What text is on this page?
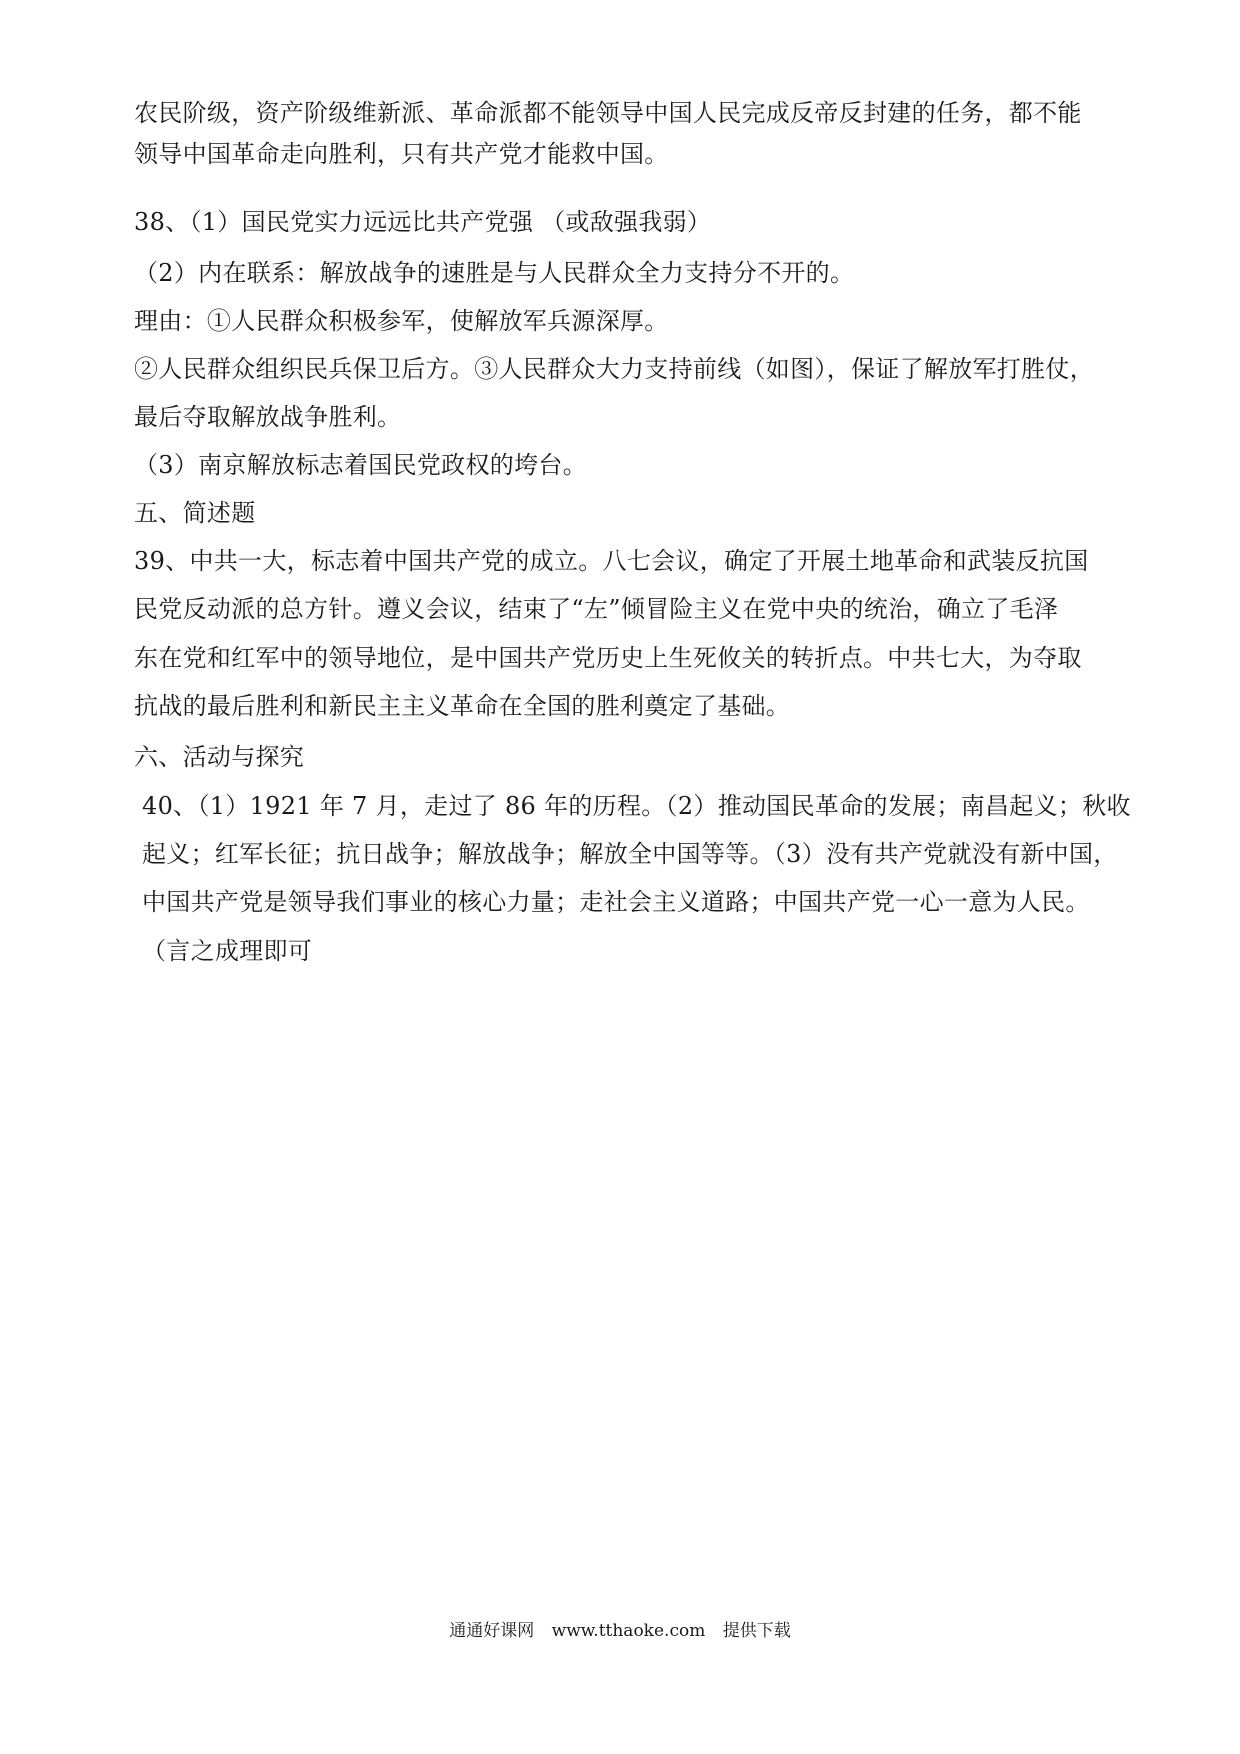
农民阶级，资产阶级维新派、革命派都不能领导中国人民完成反帝反封建的任务，都不能
领导中国革命走向胜利，只有共产党才能救中国。
38、（1）国民党实力远远比共产党强 （或敌强我弱）
（2）内在联系：解放战争的速胜是与人民群众全力支持分不开的。
理由：①人民群众积极参军，使解放军兵源深厚。
②人民群众组织民兵保卫后方。③人民群众大力支持前线（如图），保证了解放军打胜仗，
最后夺取解放战争胜利。
（3）南京解放标志着国民党政权的垮台。
五、简述题
39、中共一大，标志着中国共产党的成立。八七会议，确定了开展土地革命和武装反抗国
民党反动派的总方针。遵义会议，结束了“左”倾冒险主义在党中央的统治，确立了毛泽
东在党和红军中的领导地位，是中国共产党历史上生死攸关的转折点。中共七大，为夺取
抗战的最后胜利和新民主主义革命在全国的胜利奠定了基础。
六、活动与探究
40、（1）1921 年 7 月，走过了 86 年的历程。（2）推动国民革命的发展；南昌起义；秋收
起义；红军长征；抗日战争；解放战争；解放全中国等等。（3）没有共产党就没有新中国，
中国共产党是领导我们事业的核心力量；走社会主义道路；中国共产党一心一意为人民。
（言之成理即可
通通好课网 www.tthaoke.com 提供下载
